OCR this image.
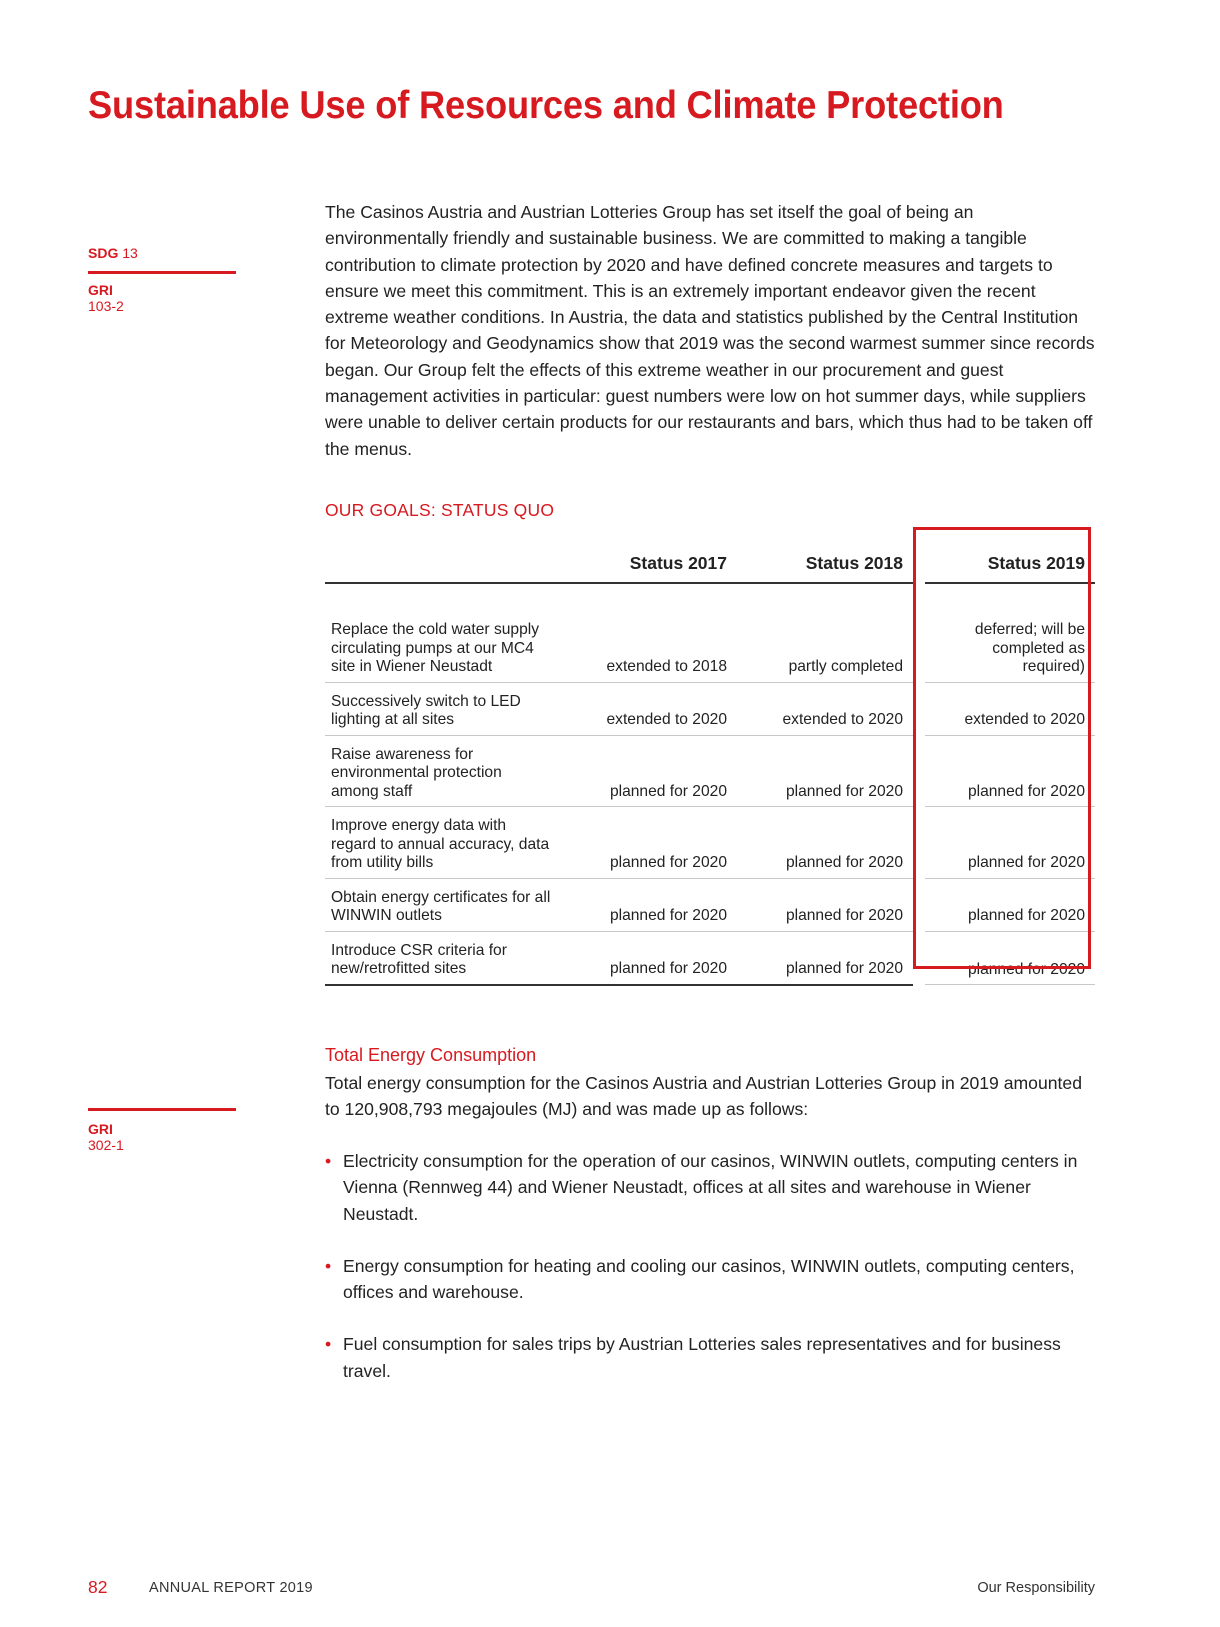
Sustainable Use of Resources and Climate Protection
SDG 13
GRI
103-2

The Casinos Austria and Austrian Lotteries Group has set itself the goal of being an environmentally friendly and sustainable business. We are committed to making a tangible contribution to climate protection by 2020 and have defined concrete measures and targets to ensure we meet this commitment. This is an extremely important endeavor given the recent extreme weather conditions. In Austria, the data and statistics published by the Central Institution for Meteorology and Geodynamics show that 2019 was the second warmest summer since records began. Our Group felt the effects of this extreme weather in our procurement and guest management activities in particular: guest numbers were low on hot summer days, while suppliers were unable to deliver certain products for our restaurants and bars, which thus had to be taken off the menus.

OUR GOALS: STATUS QUO
	Status 2017	Status 2018		Status 2019
Replace the cold water supply circulating pumps at our MC4 site in Wiener Neustadt	extended to 2018	partly completed		deferred; will be completed as required)
Successively switch to LED lighting at all sites	extended to 2020	extended to 2020		extended to 2020
Raise awareness for environmental protection among staff	planned for 2020	planned for 2020		planned for 2020
Improve energy data with regard to annual accuracy, data from utility bills	planned for 2020	planned for 2020		planned for 2020
Obtain energy certificates for all WINWIN outlets	planned for 2020	planned for 2020		planned for 2020
Introduce CSR criteria for new/retrofitted sites	planned for 2020	planned for 2020		planned for 2020
GRI
302-1
Total Energy Consumption

Total energy consumption for the Casinos Austria and Austrian Lotteries Group in 2019 amounted to 120,908,793 megajoules (MJ) and was made up as follows:

• Electricity consumption for the operation of our casinos, WINWIN outlets, computing centers in Vienna (Rennweg 44) and Wiener Neustadt, offices at all sites and warehouse in Wiener Neustadt.
• Energy consumption for heating and cooling our casinos, WINWIN outlets, computing centers, offices and warehouse.
• Fuel consumption for sales trips by Austrian Lotteries sales representatives and for business travel.
82	ANNUAL REPORT 2019	Our Responsibility
